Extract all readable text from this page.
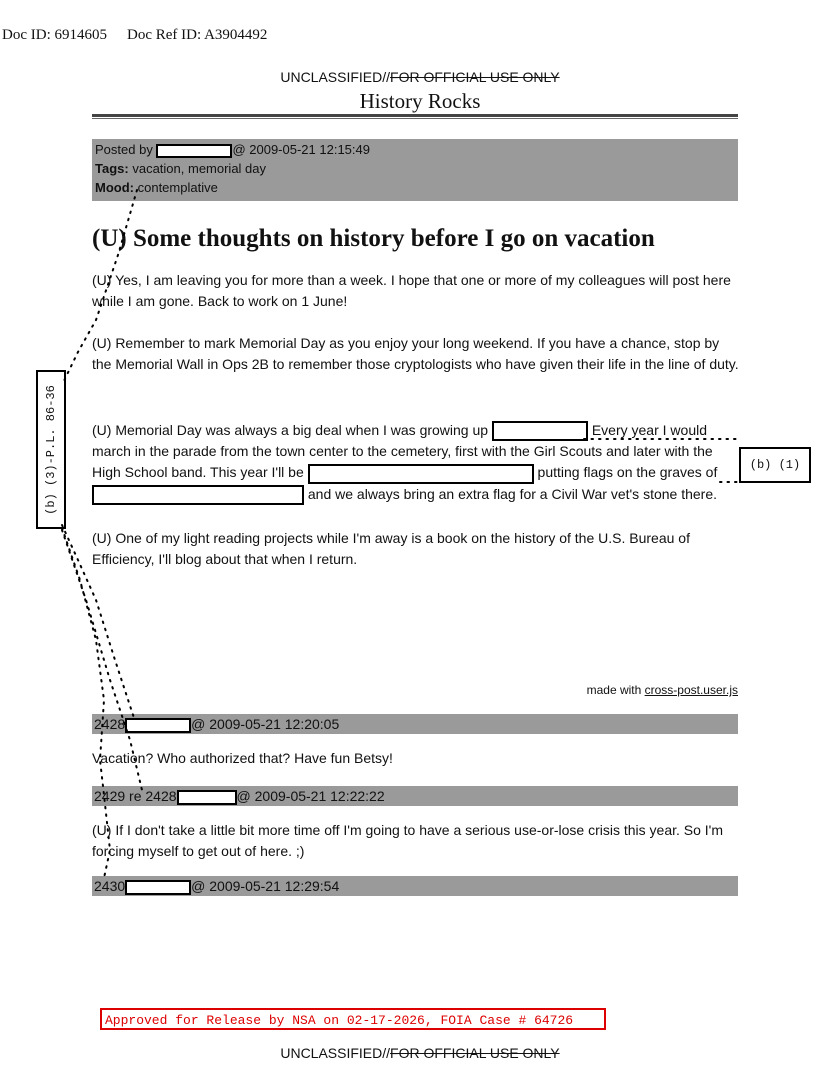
Doc ID: 6914605 Doc Ref ID: A3904492
UNCLASSIFIED//FOR OFFICIAL USE ONLY
History Rocks
Posted by	@ 2009-05-21 12:15:49
Tags: vacation, memorial day
Mood: contemplative
(U) Some thoughts on history before I go on vacation
(U) Yes, I am leaving you for more than a week. I hope that one or more of my colleagues will post here while I am gone. Back to work on 1 June!
(U) Remember to mark Memorial Day as you enjoy your long weekend. If you have a chance, stop by the Memorial Wall in Ops 2B to remember those cryptologists who have given their life in the line of duty.
(U) Memorial Day was always a big deal when I was growing up	Every year I would march in the parade from the town center to the cemetery, first with the Girl Scouts and later with the High School band. This year I'll be	putting flags on the graves of
and we always bring an extra flag for a Civil War vet's stone there.
(U) One of my light reading projects while I'm away is a book on the history of the U.S. Bureau of Efficiency, I'll blog about that when I return.
(b) (3)-P.L. 86-36	(b) (1)
made with cross-post.user.js
2428	@ 2009-05-21 12:20:05
Vacation? Who authorized that? Have fun Betsy!
2429 re 2428	@ 2009-05-21 12:22:22
(U) If I don't take a little bit more time off I'm going to have a serious use-or-lose crisis this year. So I'm forcing myself to get out of here. ;)
2430	@ 2009-05-21 12:29:54
Approved for Release by NSA on 02-17-2026, FOIA Case # 64726
UNCLASSIFIED//FOR OFFICIAL USE ONLY
